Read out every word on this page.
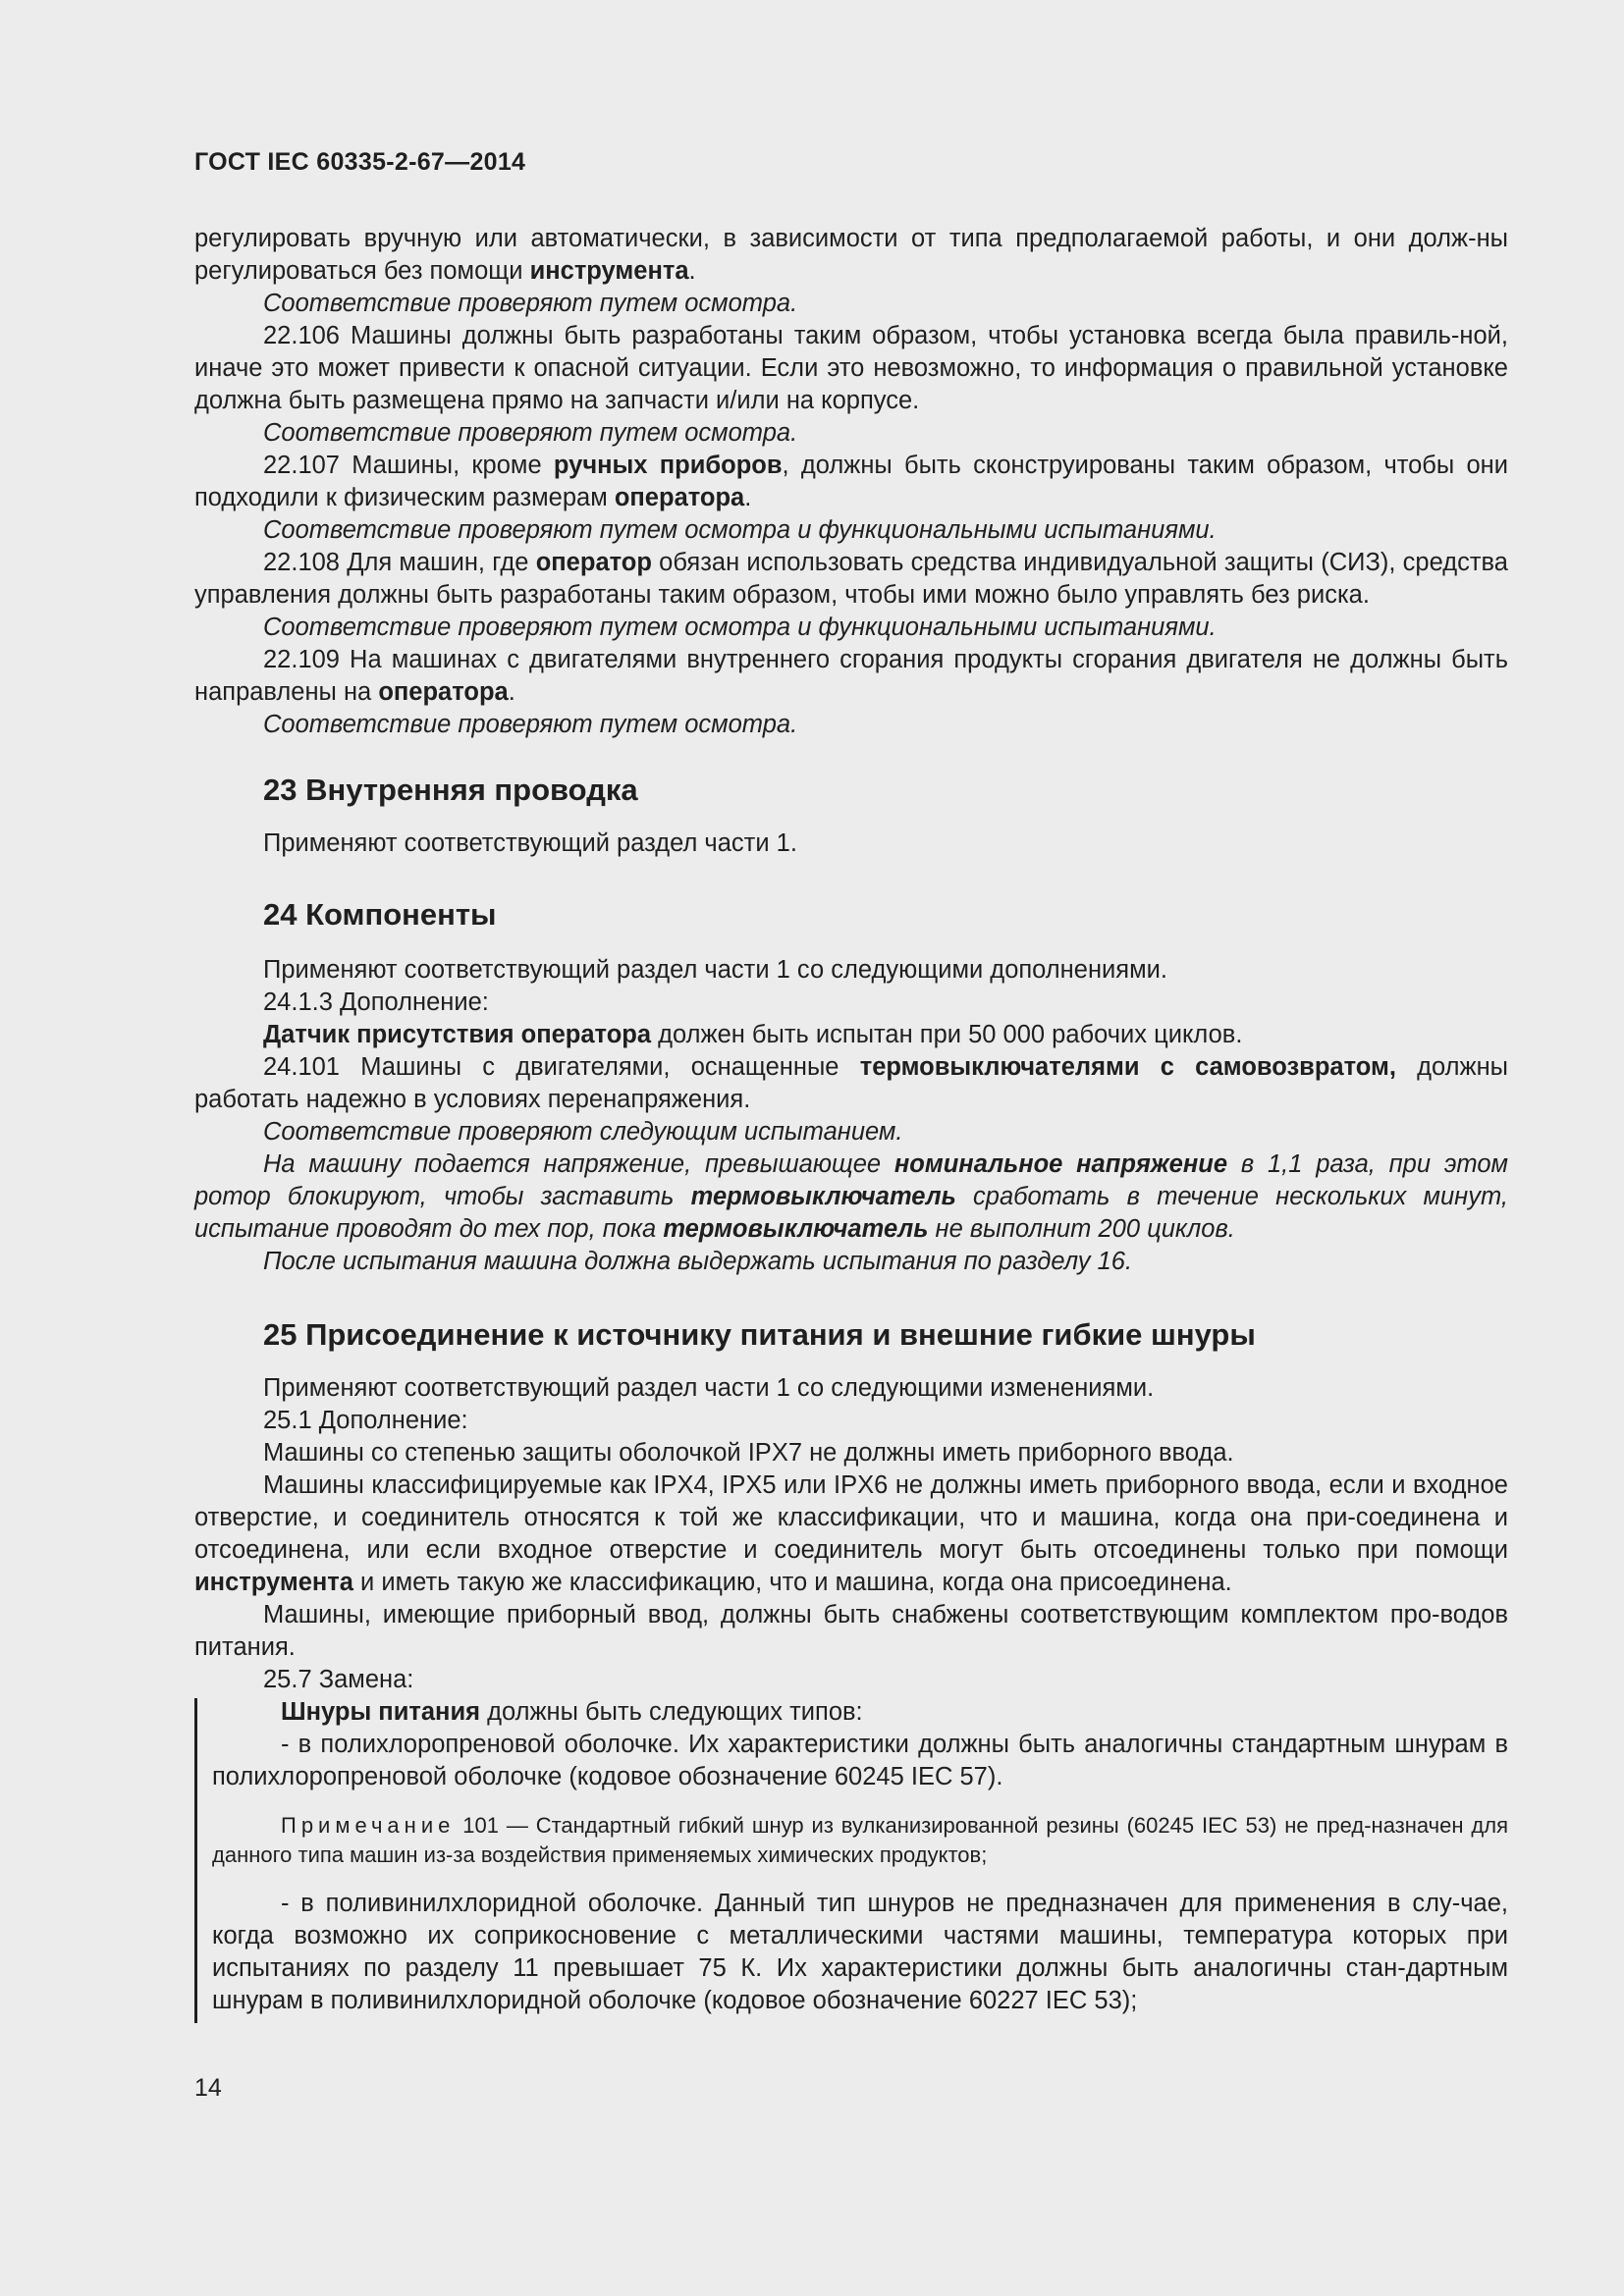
ГОСТ IEC 60335-2-67—2014

регулировать вручную или автоматически, в зависимости от типа предполагаемой работы, и они долж-ны регулироваться без помощи инструмента.

Соответствие проверяют путем осмотра.

22.106 Машины должны быть разработаны таким образом, чтобы установка всегда была правиль-ной, иначе это может привести к опасной ситуации. Если это невозможно, то информация о правильной установке должна быть размещена прямо на запчасти и/или на корпусе.

Соответствие проверяют путем осмотра.

22.107 Машины, кроме ручных приборов, должны быть сконструированы таким образом, чтобы они подходили к физическим размерам оператора.

Соответствие проверяют путем осмотра и функциональными испытаниями.

22.108 Для машин, где оператор обязан использовать средства индивидуальной защиты (СИЗ), средства управления должны быть разработаны таким образом, чтобы ими можно было управлять без риска.

Соответствие проверяют путем осмотра и функциональными испытаниями.

22.109 На машинах с двигателями внутреннего сгорания продукты сгорания двигателя не должны быть направлены на оператора.

Соответствие проверяют путем осмотра.

23 Внутренняя проводка

Применяют соответствующий раздел части 1.

24 Компоненты

Применяют соответствующий раздел части 1 со следующими дополнениями.

24.1.3 Дополнение:

Датчик присутствия оператора должен быть испытан при 50 000 рабочих циклов.

24.101 Машины с двигателями, оснащенные термовыключателями с самовозвратом, должны работать надежно в условиях перенапряжения.

Соответствие проверяют следующим испытанием.

На машину подается напряжение, превышающее номинальное напряжение в 1,1 раза, при этом ротор блокируют, чтобы заставить термовыключатель сработать в течение нескольких минут, испытание проводят до тех пор, пока термовыключатель не выполнит 200 циклов.

После испытания машина должна выдержать испытания по разделу 16.

25 Присоединение к источнику питания и внешние гибкие шнуры

Применяют соответствующий раздел части 1 со следующими изменениями.

25.1 Дополнение:

Машины со степенью защиты оболочкой IPX7 не должны иметь приборного ввода.

Машины классифицируемые как IPX4, IPX5 или IPX6 не должны иметь приборного ввода, если и входное отверстие, и соединитель относятся к той же классификации, что и машина, когда она при-соединена и отсоединена, или если входное отверстие и соединитель могут быть отсоединены только при помощи инструмента и иметь такую же классификацию, что и машина, когда она присоединена.

Машины, имеющие приборный ввод, должны быть снабжены соответствующим комплектом про-водов питания.

25.7 Замена:

Шнуры питания должны быть следующих типов:

- в полихлоропреновой оболочке. Их характеристики должны быть аналогичны стандартным шнурам в полихлоропреновой оболочке (кодовое обозначение 60245 IEC 57).

Примечание 101 — Стандартный гибкий шнур из вулканизированной резины (60245 IEC 53) не пред-назначен для данного типа машин из-за воздействия применяемых химических продуктов;

- в поливинилхлоридной оболочке. Данный тип шнуров не предназначен для применения в слу-чае, когда возможно их соприкосновение с металлическими частями машины, температура которых при испытаниях по разделу 11 превышает 75 К. Их характеристики должны быть аналогичны стан-дартным шнурам в поливинилхлоридной оболочке (кодовое обозначение 60227 IEC 53);

14
